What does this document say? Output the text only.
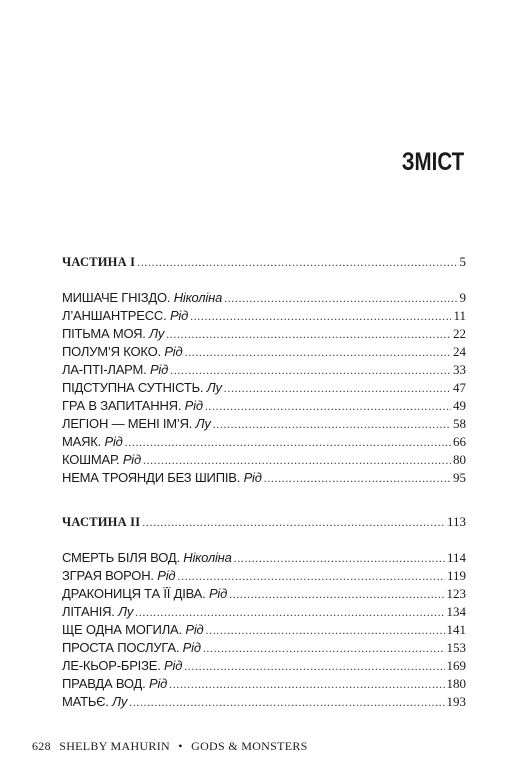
ЗМІСТ
ЧАСТИНА І . . .	5
МИШАЧЕ ГНІЗДО. Ніколіна . . .	9
Л’АНШАНТРЕСС. Рід . . .	11
ПІТЬМА МОЯ. Лу . . .	22
ПОЛУМ’Я КОКО. Рід . . .	24
ЛА-ПТІ-ЛАРМ. Рід . . .	33
ПІДСТУПНА СУТНІСТЬ. Лу . . .	47
ГРА В ЗАПИТАННЯ. Рід . . .	49
ЛЕГІОН — МЕНІ ІМ’Я. Лу . . .	58
МАЯК. Рід . . .	66
КОШМАР. Рід . . .	80
НЕМА ТРОЯНДИ БЕЗ ШИПІВ. Рід . . .	95
ЧАСТИНА ІІ . . .	113
СМЕРТЬ БІЛЯ ВОД. Ніколіна . . .	114
ЗГРАЯ ВОРОН. Рід . . .	119
ДРАКОНИЦЯ ТА ЇЇ ДІВА. Рід . . .	123
ЛІТАНІЯ. Лу . . .	134
ЩЕ ОДНА МОГИЛА. Рід . . .	141
ПРОСТА ПОСЛУГА. Рід . . .	153
ЛЕ-КЬОР-БРІЗЕ. Рід . . .	169
ПРАВДА ВОД. Рід . . .	180
МАТЬЄ. Лу . . .	193
628 SHELBY MAHURIN • GODS & MONSTERS
